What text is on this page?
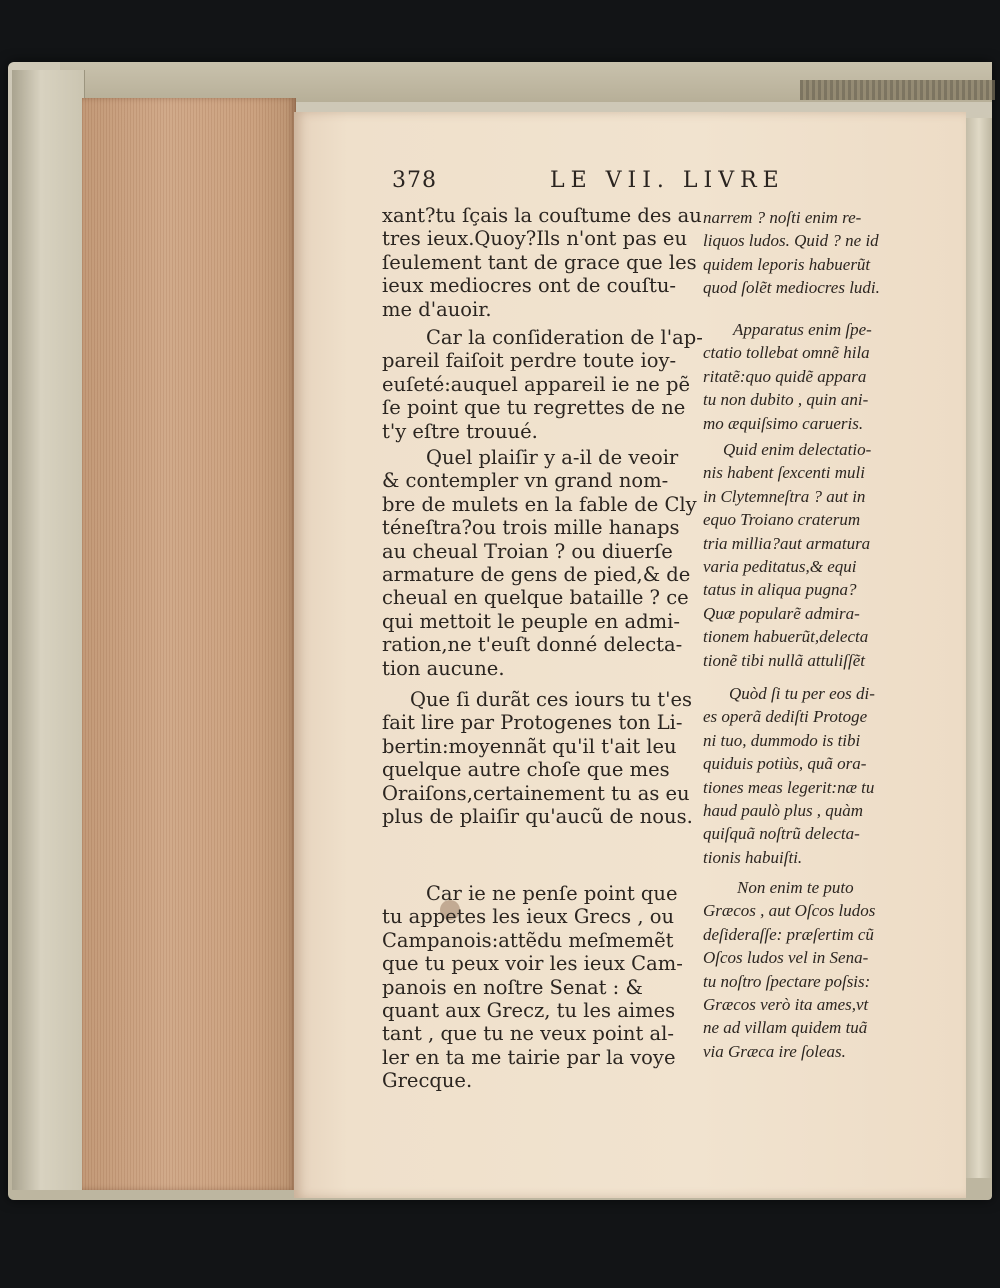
378	LE VII. LIVRE
xant?tu ſçais la couſtume des au
tres ieux.Quoy?Ils n'ont pas eu
ſeulement tant de grace que les
ieux mediocres ont de couſtu-
me d'auoir.
Car la conſideration de l'ap-
pareil faiſoit perdre toute ioy-
euſeté:auquel appareil ie ne pẽ
ſe point que tu regrettes de ne
t'y eſtre trouué.
Quel plaiſir y a-il de veoir
& contempler vn grand nom-
bre de mulets en la fable de Cly
téneſtra?ou trois mille hanaps
au cheual Troian ? ou diuerſe
armature de gens de pied,& de
cheual en quelque bataille ? ce
qui mettoit le peuple en admi-
ration,ne t'euſt donné delecta-
tion aucune.
Que ſi durãt ces iours tu t'es
fait lire par Protogenes ton Li-
bertin:moyennãt qu'il t'ait leu
quelque autre choſe que mes
Oraiſons,certainement tu as eu
plus de plaiſir qu'aucũ de nous.
Car ie ne penſe point que
tu appetes les ieux Grecs , ou
Campanois:attẽdu meſmemẽt
que tu peux voir les ieux Cam-
panois en noſtre Senat : &
quant aux Grecz, tu les aimes
tant , que tu ne veux point al-
ler en ta me tairie par la voye
Grecque.
narrem ? noſti enim re-
liquos ludos. Quid ? ne id
quidem leporis habuerũt
quod ſolẽt mediocres ludi.
Apparatus enim ſpe-
ctatio tollebat omnẽ hila
ritatẽ:quo quidẽ appara
tu non dubito , quin ani-
mo æquiſsimo carueris.
Quid enim delectatio-
nis habent ſexcenti muli
in Clytemneſtra ? aut in
equo Troiano craterum
tria millia?aut armatura
varia peditatus,& equi
tatus in aliqua pugna?
Quæ popularẽ admira-
tionem habuerũt,delecta
tionẽ tibi nullã attuliſſẽt
Quòd ſi tu per eos di-
es operã dediſti Protoge
ni tuo, dummodo is tibi
quiduis potiùs, quã ora-
tiones meas legerit:næ tu
haud paulò plus , quàm
quiſquã noſtrũ delecta-
tionis habuiſti.
Non enim te puto
Græcos , aut Oſcos ludos
deſideraſſe: præſertim cũ
Oſcos ludos vel in Sena-
tu noſtro ſpectare poſsis:
Græcos verò ita ames,vt
ne ad villam quidem tuã
via Græca ire ſoleas.
